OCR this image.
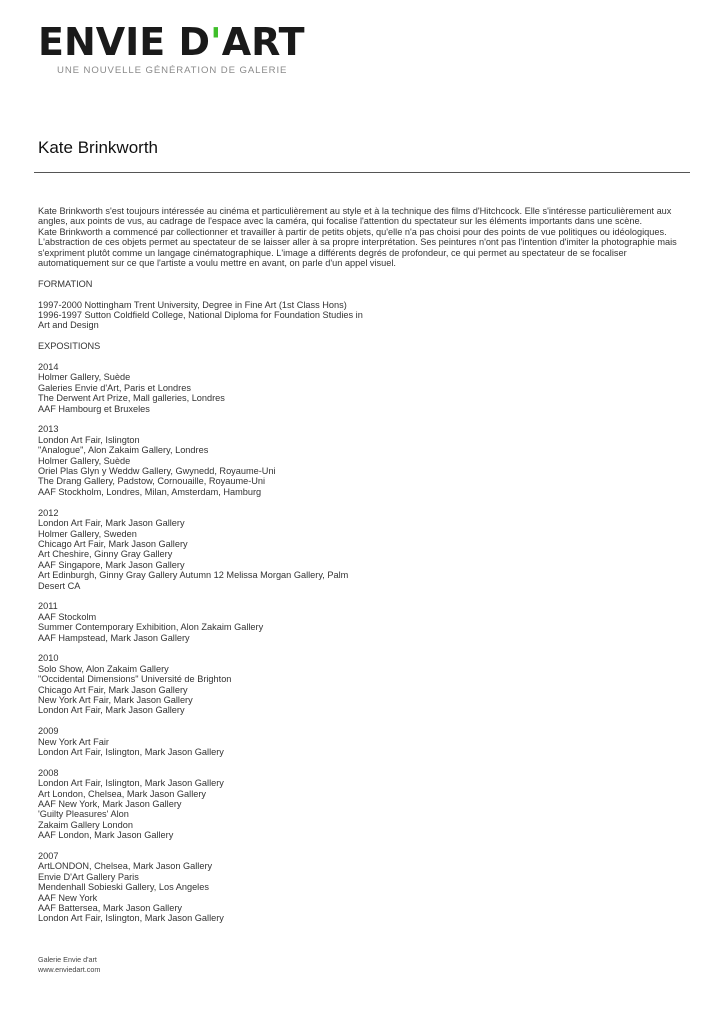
ENVIE D'ART
UNE NOUVELLE GÉNÉRATION DE GALERIE
Kate Brinkworth

Kate Brinkworth s'est toujours intéressée au cinéma et particulièrement au style et à la technique des films d'Hitchcock. Elle s'intéresse particulièrement aux angles, aux points de vus, au cadrage de l'espace avec la caméra, qui focalise l'attention du spectateur sur les éléments importants dans une scène.

Kate Brinkworth a commencé par collectionner et travailler à partir de petits objets, qu'elle n'a pas choisi pour des points de vue politiques ou idéologiques.

L'abstraction de ces objets permet au spectateur de se laisser aller à sa propre interprétation. Ses peintures n'ont pas l'intention d'imiter la photographie mais s'expriment plutôt comme un langage cinématographique. L'image a différents degrés de profondeur, ce qui permet au spectateur de se focaliser automatiquement sur ce que l'artiste a voulu mettre en avant, on parle d'un appel visuel.

FORMATION
1997-2000 Nottingham Trent University, Degree in Fine Art (1st Class Hons)
1996-1997 Sutton Coldfield College, National Diploma for Foundation Studies in
Art and Design
EXPOSITIONS
2014
Holmer Gallery, Suède
Galeries Envie d'Art, Paris et Londres
The Derwent Art Prize, Mall galleries, Londres
AAF Hambourg et Bruxeles
2013
London Art Fair, Islington
"Analogue", Alon Zakaim Gallery, Londres
Holmer Gallery, Suède
Oriel Plas Glyn y Weddw Gallery, Gwynedd, Royaume-Uni
The Drang Gallery, Padstow, Cornouaille, Royaume-Uni
AAF Stockholm, Londres, Milan, Amsterdam, Hamburg
2012
London Art Fair, Mark Jason Gallery
Holmer Gallery, Sweden
Chicago Art Fair, Mark Jason Gallery
Art Cheshire, Ginny Gray Gallery
AAF Singapore, Mark Jason Gallery
Art Edinburgh, Ginny Gray Gallery Autumn 12 Melissa Morgan Gallery, Palm
Desert CA
2011
AAF Stockolm
Summer Contemporary Exhibition, Alon Zakaim Gallery
AAF Hampstead, Mark Jason Gallery
2010
Solo Show, Alon Zakaim Gallery
"Occidental Dimensions" Université de Brighton
Chicago Art Fair, Mark Jason Gallery
New York Art Fair, Mark Jason Gallery
London Art Fair, Mark Jason Gallery
2009
New York Art Fair
London Art Fair, Islington, Mark Jason Gallery
2008
London Art Fair, Islington, Mark Jason Gallery
Art London, Chelsea, Mark Jason Gallery
AAF New York, Mark Jason Gallery
'Guilty Pleasures' Alon
Zakaim Gallery London
AAF London, Mark Jason Gallery
2007
ArtLONDON, Chelsea, Mark Jason Gallery
Envie D'Art Gallery Paris
Mendenhall Sobieski Gallery, Los Angeles
AAF New York
AAF Battersea, Mark Jason Gallery
London Art Fair, Islington, Mark Jason Gallery
Galerie Envie d'art
www.enviedart.com
